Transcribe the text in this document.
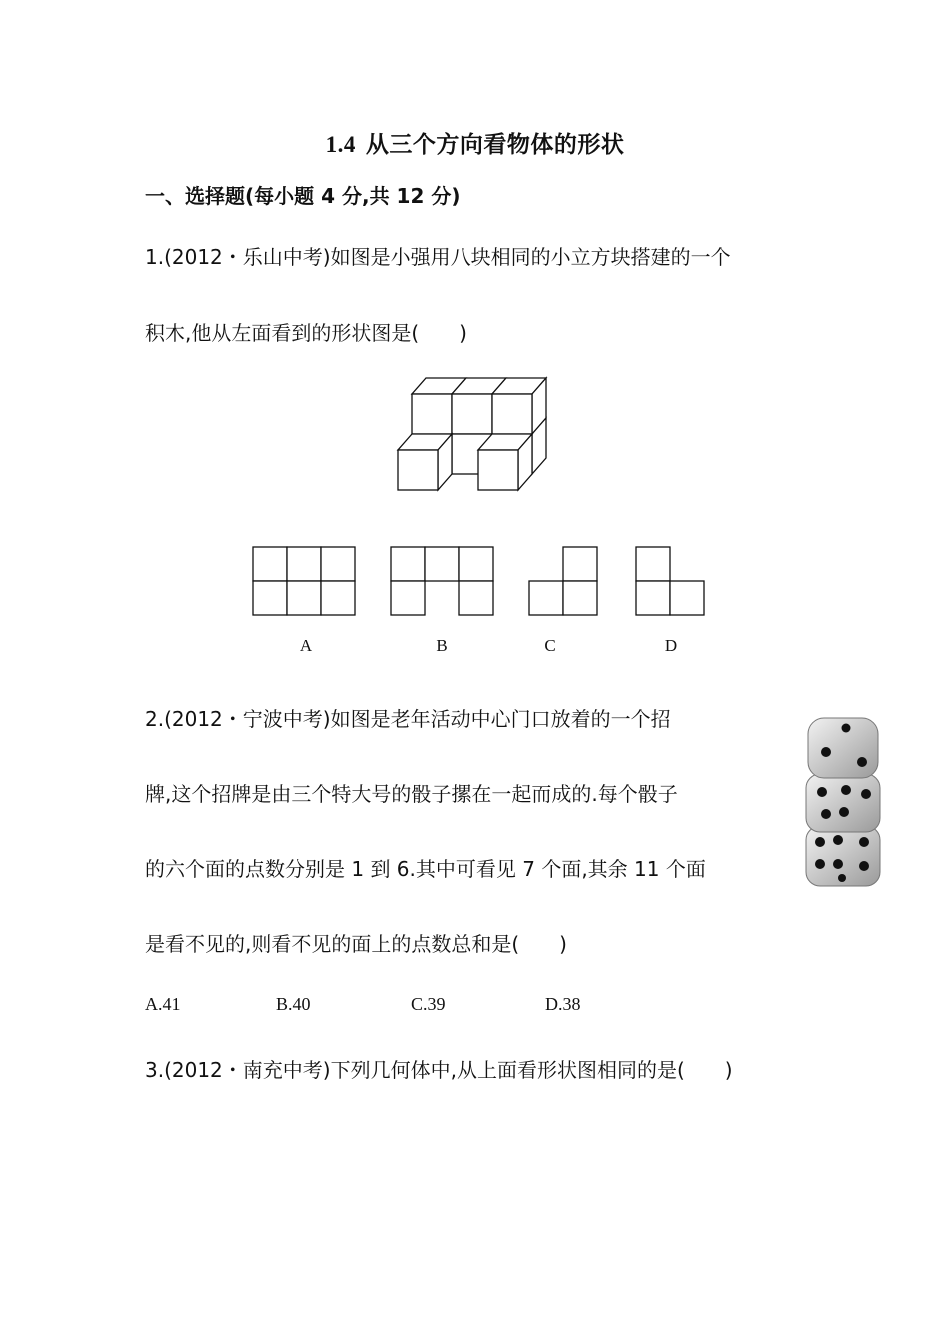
1.4 从三个方向看物体的形状
一、选择题(每小题 4 分,共 12 分)
1.(2012・乐山中考)如图是小强用八块相同的小立方块搭建的一个
积木,他从左面看到的形状图是(　　)
A	B	C	D
2.(2012・宁波中考)如图是老年活动中心门口放着的一个招
牌,这个招牌是由三个特大号的骰子摞在一起而成的.每个骰子
的六个面的点数分别是 1 到 6.其中可看见 7 个面,其余 11 个面
是看不见的,则看不见的面上的点数总和是(　　)
A.41	B.40	C.39	D.38
3.(2012・南充中考)下列几何体中,从上面看形状图相同的是(　　)
